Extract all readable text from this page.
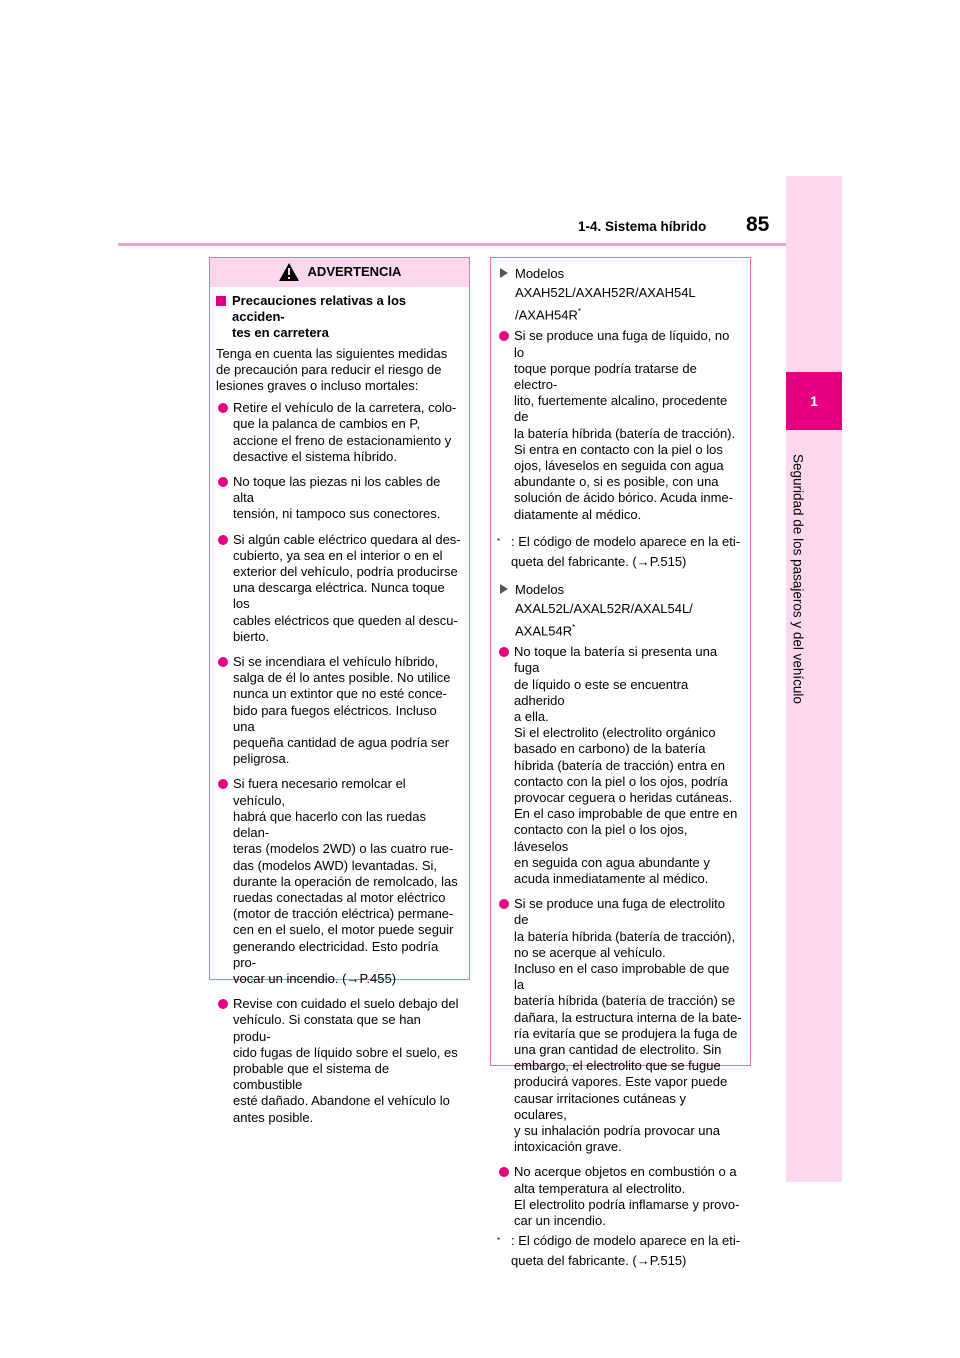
1
Seguridad de los pasajeros y del vehículo
1-4. Sistema híbrido 85
ADVERTENCIA

Precauciones relativas a los acciden-
tes en carretera

Tenga en cuenta las siguientes medidas
de precaución para reducir el riesgo de
lesiones graves o incluso mortales:

Retire el vehículo de la carretera, colo-
que la palanca de cambios en P,
accione el freno de estacionamiento y
desactive el sistema híbrido.

No toque las piezas ni los cables de alta
tensión, ni tampoco sus conectores.

Si algún cable eléctrico quedara al des-
cubierto, ya sea en el interior o en el
exterior del vehículo, podría producirse
una descarga eléctrica. Nunca toque los
cables eléctricos que queden al descu-
bierto.

Si se incendiara el vehículo híbrido,
salga de él lo antes posible. No utilice
nunca un extintor que no esté conce-
bido para fuegos eléctricos. Incluso una
pequeña cantidad de agua podría ser
peligrosa.

Si fuera necesario remolcar el vehículo,
habrá que hacerlo con las ruedas delan-
teras (modelos 2WD) o las cuatro rue-
das (modelos AWD) levantadas. Si,
durante la operación de remolcado, las
ruedas conectadas al motor eléctrico
(motor de tracción eléctrica) permane-
cen en el suelo, el motor puede seguir
generando electricidad. Esto podría pro-
vocar un incendio. (→P.455)

Revise con cuidado el suelo debajo del
vehículo. Si constata que se han produ-
cido fugas de líquido sobre el suelo, es
probable que el sistema de combustible
esté dañado. Abandone el vehículo lo
antes posible.

Modelos AXAH52L/AXAH52R/AXAH54L
/AXAH54R*

Si se produce una fuga de líquido, no lo
toque porque podría tratarse de electro-
lito, fuertemente alcalino, procedente de
la batería híbrida (batería de tracción).
Si entra en contacto con la piel o los
ojos, láveselos en seguida con agua
abundante o, si es posible, con una
solución de ácido bórico. Acuda inme-
diatamente al médico.

* : El código de modelo aparece en la eti-
queta del fabricante. (→P.515)

Modelos AXAL52L/AXAL52R/AXAL54L/
AXAL54R*

No toque la batería si presenta una fuga
de líquido o este se encuentra adherido
a ella.
Si el electrolito (electrolito orgánico
basado en carbono) de la batería
híbrida (batería de tracción) entra en
contacto con la piel o los ojos, podría
provocar ceguera o heridas cutáneas.
En el caso improbable de que entre en
contacto con la piel o los ojos, láveselos
en seguida con agua abundante y
acuda inmediatamente al médico.

Si se produce una fuga de electrolito de
la batería híbrida (batería de tracción),
no se acerque al vehículo.
Incluso en el caso improbable de que la
batería híbrida (batería de tracción) se
dañara, la estructura interna de la bate-
ría evitaría que se produjera la fuga de
una gran cantidad de electrolito. Sin
embargo, el electrolito que se fugue
producirá vapores. Este vapor puede
causar irritaciones cutáneas y oculares,
y su inhalación podría provocar una
intoxicación grave.

No acerque objetos en combustión o a
alta temperatura al electrolito.
El electrolito podría inflamarse y provo-
car un incendio.

* : El código de modelo aparece en la eti-
queta del fabricante. (→P.515)
